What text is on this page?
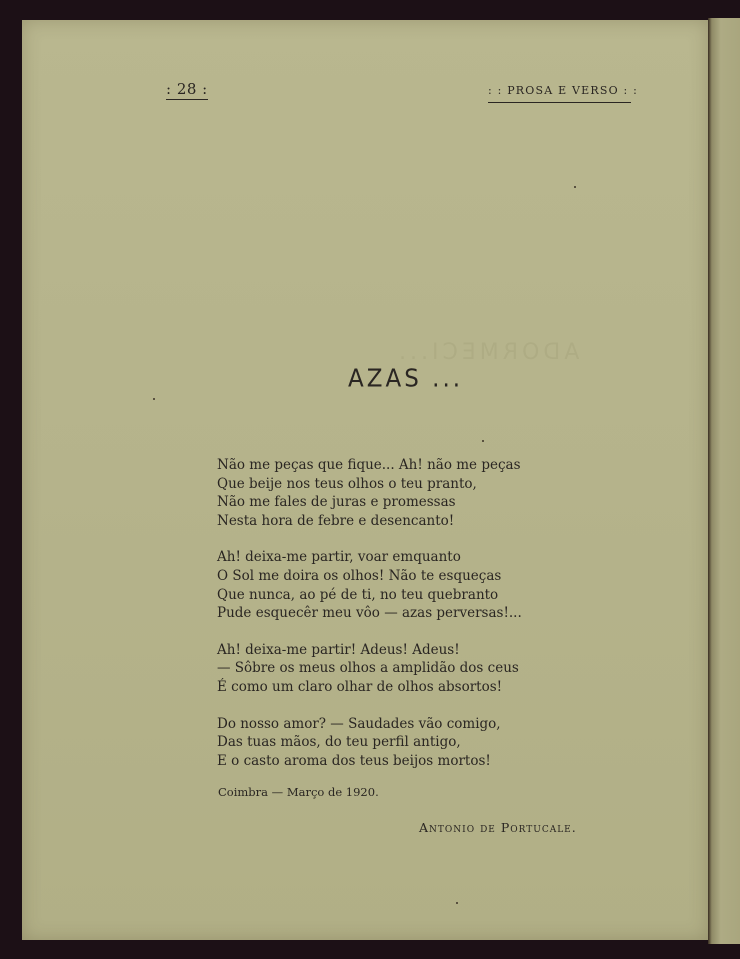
: 28 :	: : PROSA E VERSO : :
ADORMECI...
AZAS ...
Não me peças que fique... Ah! não me peças
Que beije nos teus olhos o teu pranto,
Não me fales de juras e promessas
Nesta hora de febre e desencanto!
Ah! deixa-me partir, voar emquanto
O Sol me doira os olhos! Não te esqueças
Que nunca, ao pé de ti, no teu quebranto
Pude esquecêr meu vôo — azas perversas!...
Ah! deixa-me partir! Adeus! Adeus!
— Sôbre os meus olhos a amplidão dos ceus
É como um claro olhar de olhos absortos!
Do nosso amor? — Saudades vão comigo,
Das tuas mãos, do teu perfil antigo,
E o casto aroma dos teus beijos mortos!
Coimbra — Março de 1920.
Antonio de Portucale.
